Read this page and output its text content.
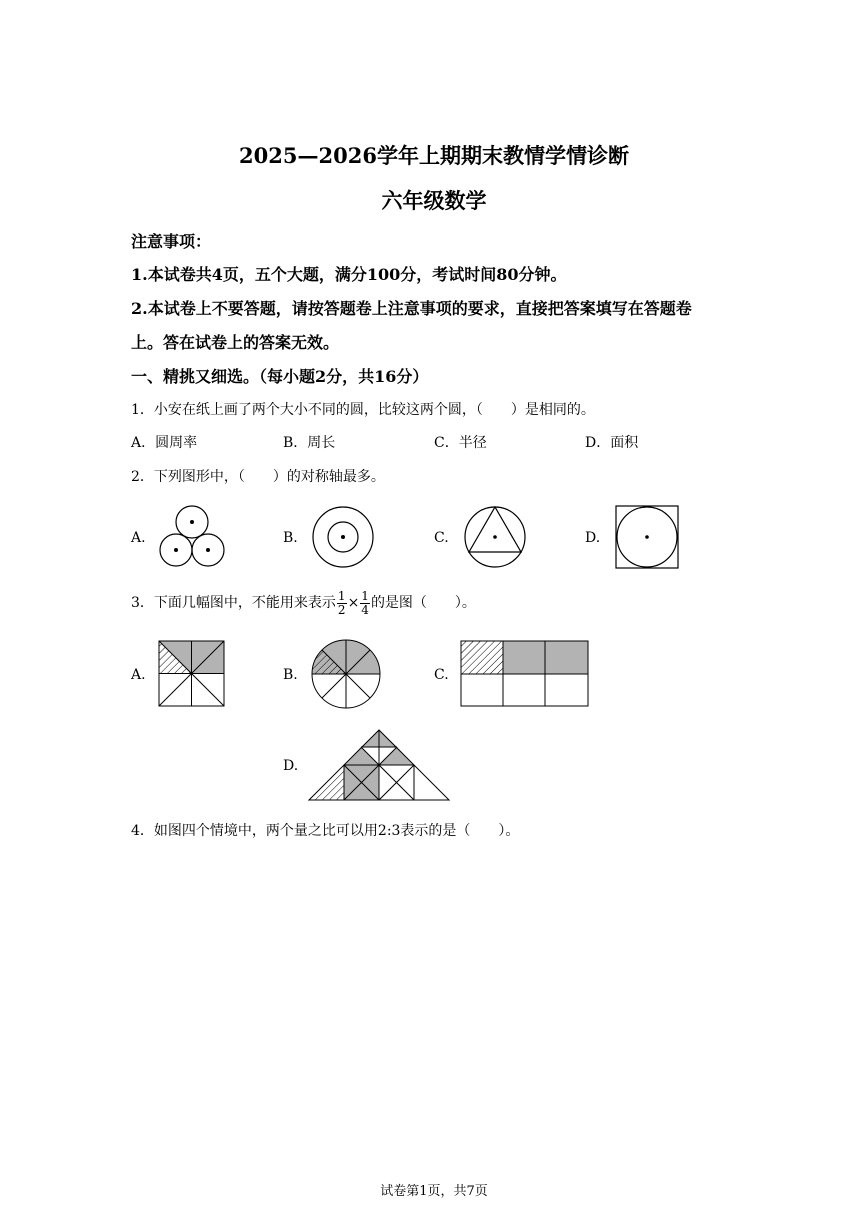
2025—2026学年上期期末教情学情诊断
六年级数学
注意事项：
1.本试卷共4页，五个大题，满分100分，考试时间80分钟。
2.本试卷上不要答题，请按答题卷上注意事项的要求，直接把答案填写在答题卷
上。答在试卷上的答案无效。
一、精挑又细选。（每小题2分，共16分）
1．小安在纸上画了两个大小不同的圆，比较这两个圆，（　　）是相同的。
A．圆周率	B．周长	C．半径	D．面积
2．下列图形中，（　　）的对称轴最多。
A.	B.	C.	D.
3．下面几幅图中，不能用来表示 $\frac{1}{2} \times \frac{1}{4}$ 的是图（　　）。
A.	B.	C.
D.
4．如图四个情境中，两个量之比可以用2:3表示的是（　　）。
试卷第1页，共7页
